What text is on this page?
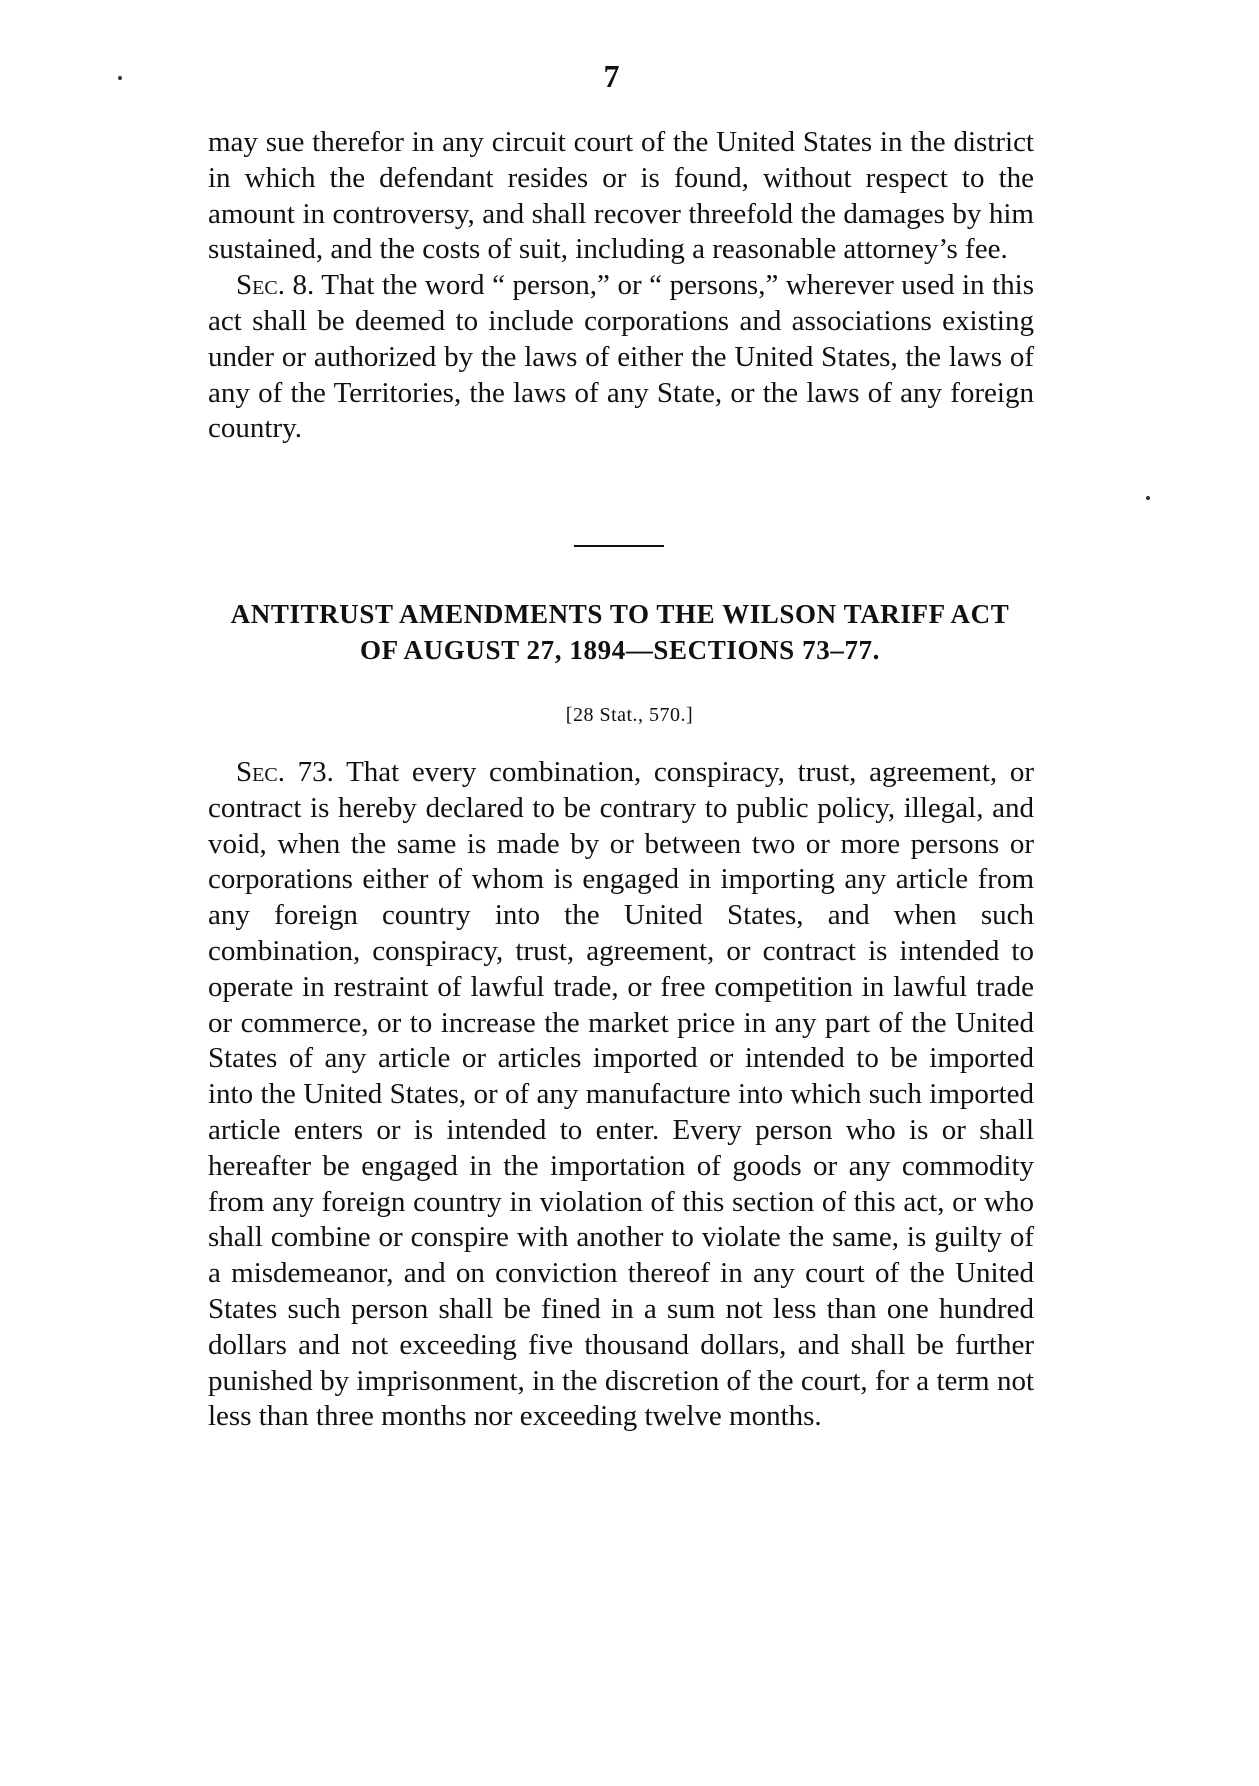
7

may sue therefor in any circuit court of the United States in the district in which the defendant resides or is found, without respect to the amount in controversy, and shall recover threefold the damages by him sustained, and the costs of suit, including a reasonable attorney’s fee.

Sec. 8. That the word “ person,” or “ persons,” wherever used in this act shall be deemed to include corporations and associations existing under or authorized by the laws of either the United States, the laws of any of the Territories, the laws of any State, or the laws of any foreign country.

ANTITRUST AMENDMENTS TO THE WILSON TARIFF ACT
OF AUGUST 27, 1894—SECTIONS 73–77.
[28 Stat., 570.]

Sec. 73. That every combination, conspiracy, trust, agreement, or contract is hereby declared to be contrary to public policy, illegal, and void, when the same is made by or between two or more persons or corporations either of whom is engaged in importing any article from any foreign country into the United States, and when such combination, conspiracy, trust, agreement, or contract is intended to operate in restraint of lawful trade, or free competition in lawful trade or commerce, or to increase the market price in any part of the United States of any article or articles imported or intended to be imported into the United States, or of any manufacture into which such imported article enters or is intended to enter. Every person who is or shall hereafter be engaged in the importation of goods or any commodity from any foreign country in violation of this section of this act, or who shall combine or conspire with another to violate the same, is guilty of a misdemeanor, and on conviction thereof in any court of the United States such person shall be fined in a sum not less than one hundred dollars and not exceeding five thousand dollars, and shall be further punished by imprisonment, in the discretion of the court, for a term not less than three months nor exceeding twelve months.
